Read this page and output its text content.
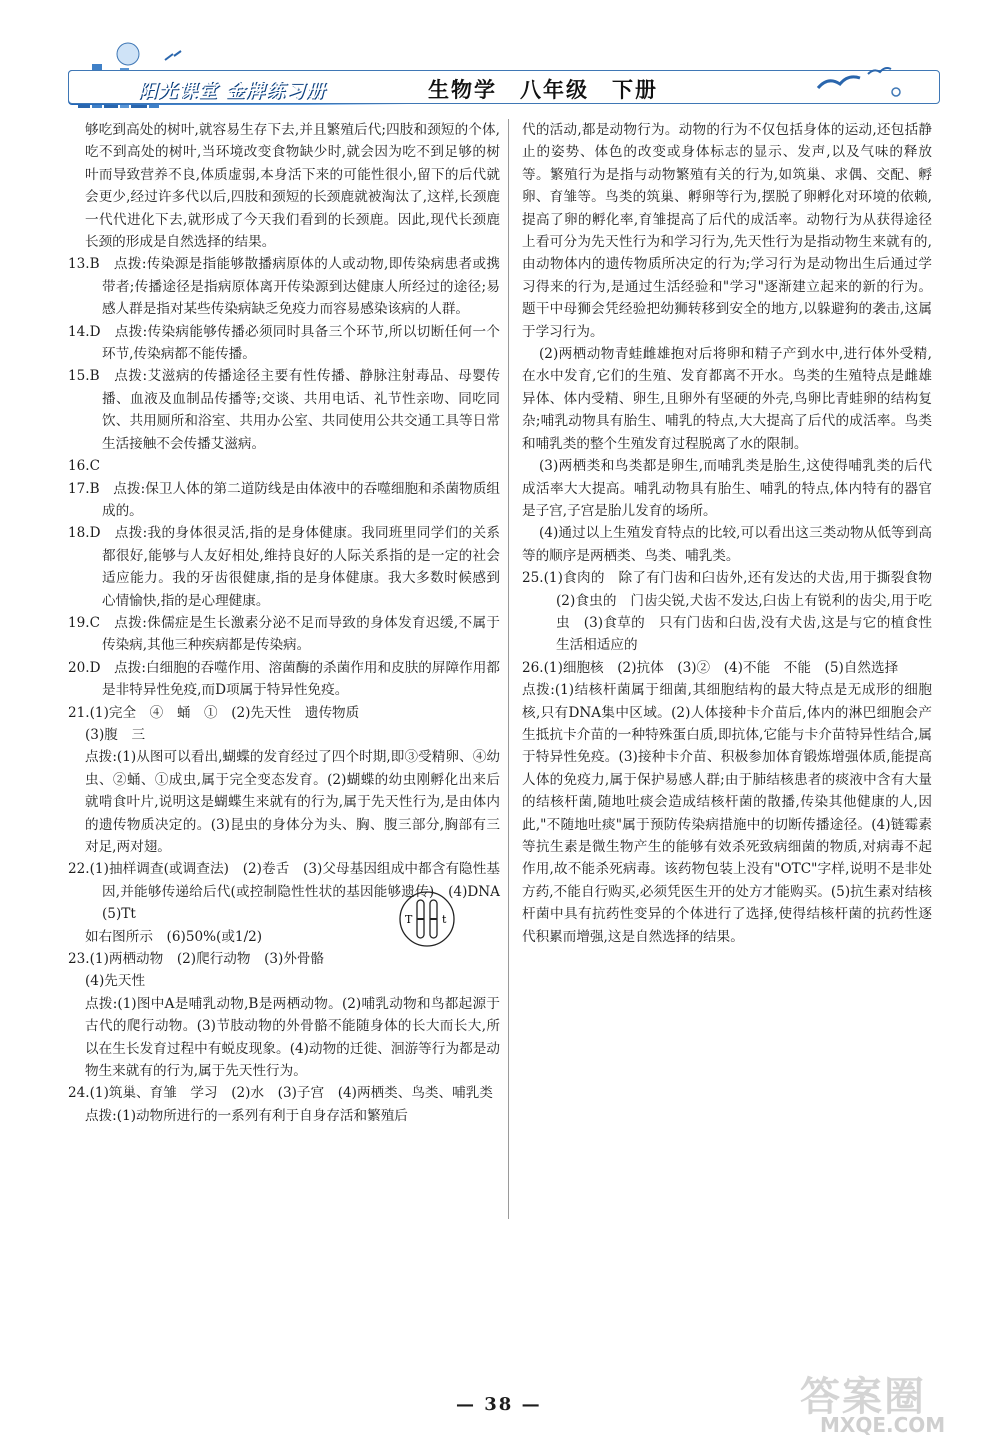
阳光课堂 金牌练习册	生物学　八年级　下册

够吃到高处的树叶,就容易生存下去,并且繁殖后代;四肢和颈短的个体,吃不到高处的树叶,当环境改变食物缺少时,就会因为吃不到足够的树叶而导致营养不良,体质虚弱,本身活下来的可能性很小,留下的后代就会更少,经过许多代以后,四肢和颈短的长颈鹿就被淘汰了,这样,长颈鹿一代代进化下去,就形成了今天我们看到的长颈鹿。因此,现代长颈鹿长颈的形成是自然选择的结果。

13.B　点拨:传染源是指能够散播病原体的人或动物,即传染病患者或携带者;传播途径是指病原体离开传染源到达健康人所经过的途径;易感人群是指对某些传染病缺乏免疫力而容易感染该病的人群。

14.D　点拨:传染病能够传播必须同时具备三个环节,所以切断任何一个环节,传染病都不能传播。

15.B　点拨:艾滋病的传播途径主要有性传播、静脉注射毒品、母婴传播、血液及血制品传播等;交谈、共用电话、礼节性亲吻、同吃同饮、共用厕所和浴室、共用办公室、共同使用公共交通工具等日常生活接触不会传播艾滋病。

16.C

17.B　点拨:保卫人体的第二道防线是由体液中的吞噬细胞和杀菌物质组成的。

18.D　点拨:我的身体很灵活,指的是身体健康。我同班里同学们的关系都很好,能够与人友好相处,维持良好的人际关系指的是一定的社会适应能力。我的牙齿很健康,指的是身体健康。我大多数时候感到心情愉快,指的是心理健康。

19.C　点拨:侏儒症是生长激素分泌不足而导致的身体发育迟缓,不属于传染病,其他三种疾病都是传染病。

20.D　点拨:白细胞的吞噬作用、溶菌酶的杀菌作用和皮肤的屏障作用都是非特异性免疫,而D项属于特异性免疫。

21.(1)完全　④　蛹　①　(2)先天性　遗传物质

(3)腹　三

点拨:(1)从图可以看出,蝴蝶的发育经过了四个时期,即③受精卵、④幼虫、②蛹、①成虫,属于完全变态发育。(2)蝴蝶的幼虫刚孵化出来后就啃食叶片,说明这是蝴蝶生来就有的行为,属于先天性行为,是由体内的遗传物质决定的。(3)昆虫的身体分为头、胸、腹三部分,胸部有三对足,两对翅。

22.(1)抽样调查(或调查法)　(2)卷舌　(3)父母基因组成中都含有隐性基因,并能够传递给后代(或控制隐性性状的基因能够遗传)　(4)DNA　(5)Tt

如右图所示　(6)50%(或1/2)

T	t

23.(1)两栖动物　(2)爬行动物　(3)外骨骼

(4)先天性

点拨:(1)图中A是哺乳动物,B是两栖动物。(2)哺乳动物和鸟都起源于古代的爬行动物。(3)节肢动物的外骨骼不能随身体的长大而长大,所以在生长发育过程中有蜕皮现象。(4)动物的迁徙、洄游等行为都是动物生来就有的行为,属于先天性行为。

24.(1)筑巢、育雏　学习　(2)水　(3)子宫　(4)两栖类、鸟类、哺乳类

点拨:(1)动物所进行的一系列有利于自身存活和繁殖后

代的活动,都是动物行为。动物的行为不仅包括身体的运动,还包括静止的姿势、体色的改变或身体标志的显示、发声,以及气味的释放等。繁殖行为是指与动物繁殖有关的行为,如筑巢、求偶、交配、孵卵、育雏等。鸟类的筑巢、孵卵等行为,摆脱了卵孵化对环境的依赖,提高了卵的孵化率,育雏提高了后代的成活率。动物行为从获得途径上看可分为先天性行为和学习行为,先天性行为是指动物生来就有的,由动物体内的遗传物质所决定的行为;学习行为是动物出生后通过学习得来的行为,是通过生活经验和"学习"逐渐建立起来的新的行为。题干中母狮会凭经验把幼狮转移到安全的地方,以躲避狗的袭击,这属于学习行为。

(2)两栖动物青蛙雌雄抱对后将卵和精子产到水中,进行体外受精,在水中发育,它们的生殖、发育都离不开水。鸟类的生殖特点是雌雄异体、体内受精、卵生,且卵外有坚硬的外壳,鸟卵比青蛙卵的结构复杂;哺乳动物具有胎生、哺乳的特点,大大提高了后代的成活率。鸟类和哺乳类的整个生殖发育过程脱离了水的限制。

(3)两栖类和鸟类都是卵生,而哺乳类是胎生,这使得哺乳类的后代成活率大大提高。哺乳动物具有胎生、哺乳的特点,体内特有的器官是子宫,子宫是胎儿发育的场所。

(4)通过以上生殖发育特点的比较,可以看出这三类动物从低等到高等的顺序是两栖类、鸟类、哺乳类。

25.(1)食肉的　除了有门齿和臼齿外,还有发达的犬齿,用于撕裂食物　(2)食虫的　门齿尖锐,犬齿不发达,臼齿上有锐利的齿尖,用于吃虫　(3)食草的　只有门齿和臼齿,没有犬齿,这是与它的植食性生活相适应的

26.(1)细胞核　(2)抗体　(3)②　(4)不能　不能　(5)自然选择

点拨:(1)结核杆菌属于细菌,其细胞结构的最大特点是无成形的细胞核,只有DNA集中区域。(2)人体接种卡介苗后,体内的淋巴细胞会产生抵抗卡介苗的一种特殊蛋白质,即抗体,它能与卡介苗特异性结合,属于特异性免疫。(3)接种卡介苗、积极参加体育锻炼增强体质,能提高人体的免疫力,属于保护易感人群;由于肺结核患者的痰液中含有大量的结核杆菌,随地吐痰会造成结核杆菌的散播,传染其他健康的人,因此,"不随地吐痰"属于预防传染病措施中的切断传播途径。(4)链霉素等抗生素是微生物产生的能够有效杀死致病细菌的物质,对病毒不起作用,故不能杀死病毒。该药物包装上没有"OTC"字样,说明不是非处方药,不能自行购买,必须凭医生开的处方才能购买。(5)抗生素对结核杆菌中具有抗药性变异的个体进行了选择,使得结核杆菌的抗药性逐代积累而增强,这是自然选择的结果。

— 38 —	答案圈
MXQE.COM
